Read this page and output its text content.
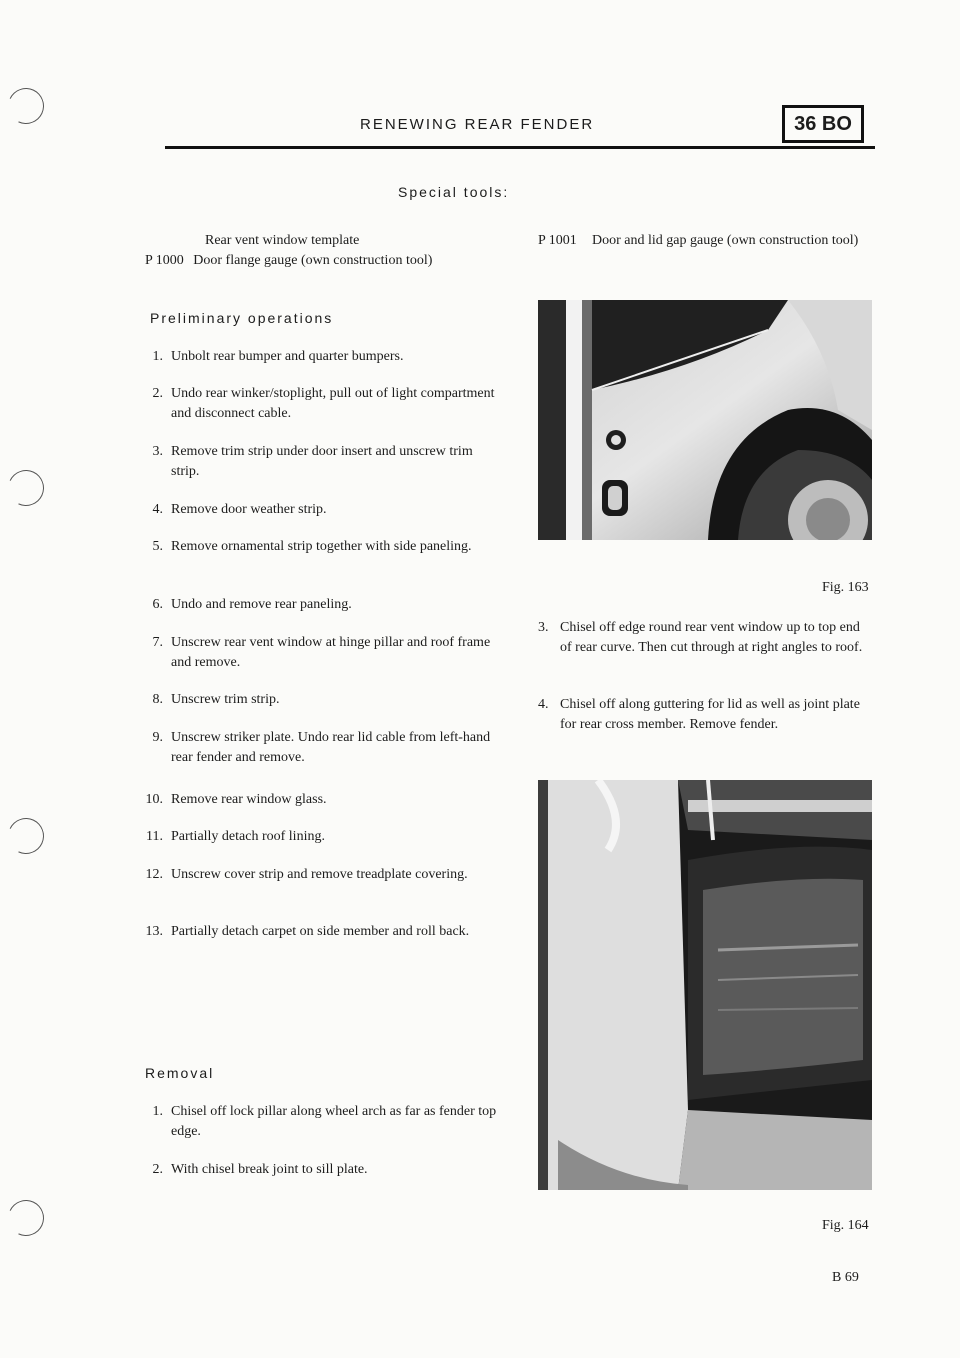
RENEWING REAR FENDER	36 BO
Special tools:
Rear vent window template
P 1000 Door flange gauge (own construction tool)
P 1001 Door and lid gap gauge (own construction tool)
Preliminary operations
1. Unbolt rear bumper and quarter bumpers.
2. Undo rear winker/stoplight, pull out of light compartment and disconnect cable.
3. Remove trim strip under door insert and unscrew trim strip.
4. Remove door weather strip.
5. Remove ornamental strip together with side paneling.
6. Undo and remove rear paneling.
7. Unscrew rear vent window at hinge pillar and roof frame and remove.
8. Unscrew trim strip.
9. Unscrew striker plate. Undo rear lid cable from left-hand rear fender and remove.
10. Remove rear window glass.
11. Partially detach roof lining.
12. Unscrew cover strip and remove treadplate covering.
13. Partially detach carpet on side member and roll back.
Removal
1. Chisel off lock pillar along wheel arch as far as fender top edge.
2. With chisel break joint to sill plate.
3. Chisel off edge round rear vent window up to top end of rear curve. Then cut through at right angles to roof.
4. Chisel off along guttering for lid as well as joint plate for rear cross member. Remove fender.
Fig. 163
Fig. 164
B 69
